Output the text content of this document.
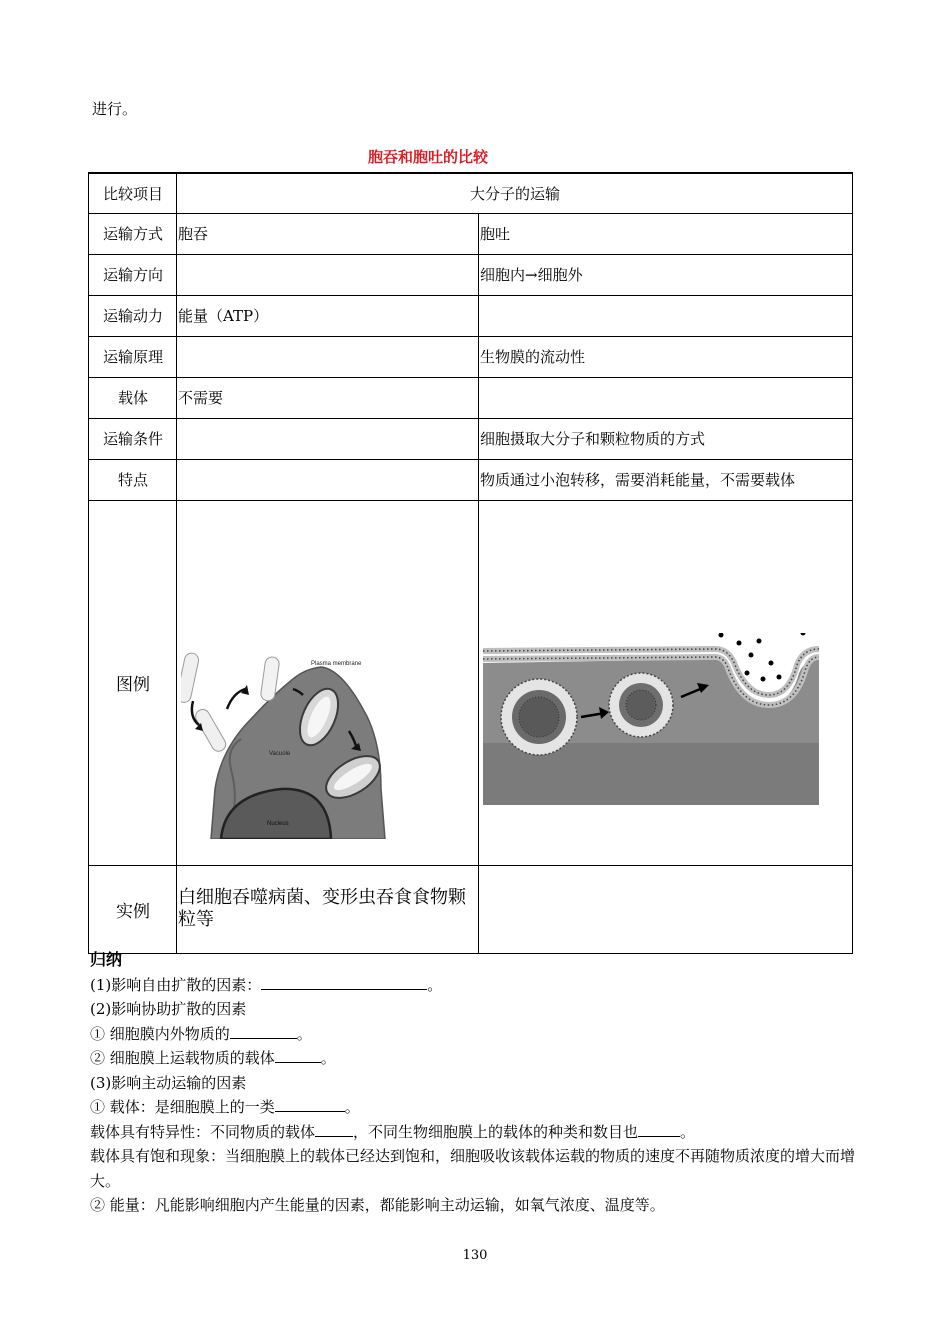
进行。
胞吞和胞吐的比较
比较项目	大分子的运输	
运输方式	胞吞	胞吐
运输方向		细胞内→细胞外
运输动力	能量（ATP）	
运输原理		生物膜的流动性
载体	不需要	
运输条件		细胞摄取大分子和颗粒物质的方式
特点		物质通过小泡转移，需要消耗能量，不需要载体
图例	Plasma membrane
Vacuole
Nucleus

实例	白细胞吞噬病菌、变形虫吞食食物颗粒等	
归纳
(1)影响自由扩散的因素：	。
(2)影响协助扩散的因素
① 细胞膜内外物质的	。
② 细胞膜上运载物质的载体	。
(3)影响主动运输的因素
① 载体：是细胞膜上的一类	。
载体具有特异性：不同物质的载体	，不同生物细胞膜上的载体的种类和数目也	。
载体具有饱和现象：当细胞膜上的载体已经达到饱和，细胞吸收该载体运载的物质的速度不再随物质浓度的增大而增大。
② 能量：凡能影响细胞内产生能量的因素，都能影响主动运输，如氧气浓度、温度等。
130
